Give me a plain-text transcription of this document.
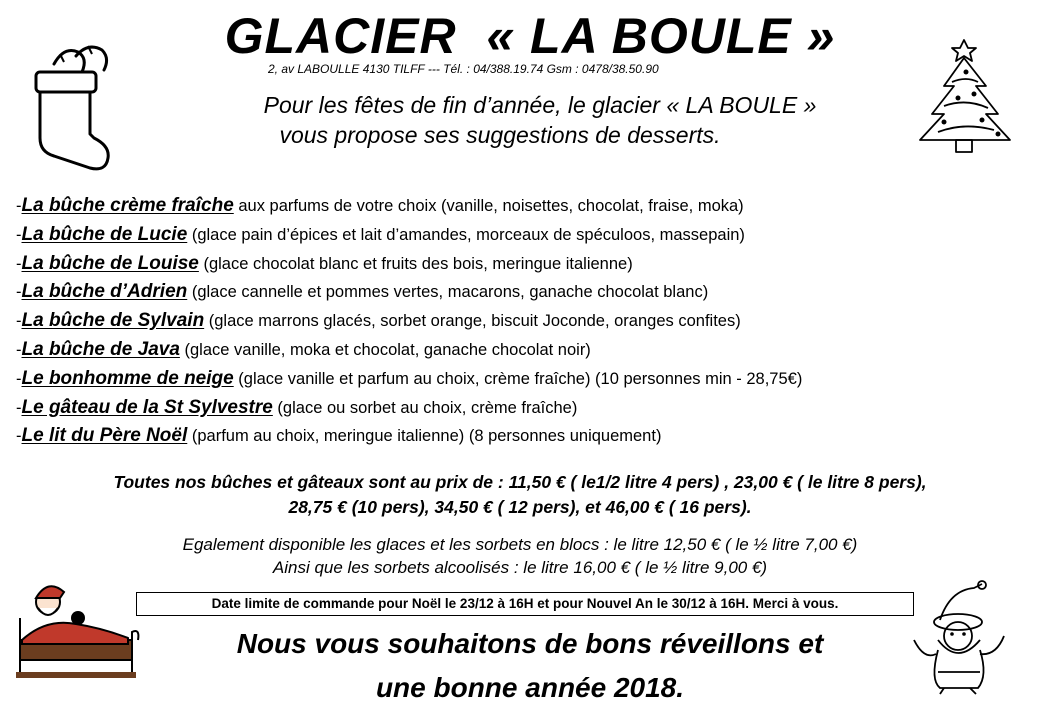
GLACIER  « LA BOULE »
2, av LABOULLE 4130 TILFF --- Tél. : 04/388.19.74 Gsm : 0478/38.50.90
Pour les fêtes de fin d’année, le glacier « LA BOULE »
vous propose ses suggestions de desserts.
-La bûche crème fraîche aux parfums de votre choix (vanille, noisettes, chocolat, fraise, moka)
-La bûche de Lucie (glace pain d’épices et lait d’amandes, morceaux de spéculoos, massepain)
-La bûche de Louise (glace chocolat blanc et fruits des bois, meringue italienne)
-La bûche d’Adrien (glace cannelle et pommes vertes, macarons, ganache chocolat blanc)
-La bûche de Sylvain (glace marrons glacés, sorbet orange, biscuit Joconde, oranges confites)
-La bûche de Java (glace vanille, moka et chocolat, ganache chocolat noir)
-Le bonhomme de neige (glace vanille et parfum au choix, crème fraîche) (10 personnes min - 28,75€)
-Le gâteau de la St Sylvestre (glace ou sorbet au choix, crème fraîche)
-Le lit du Père Noël (parfum au choix, meringue italienne) (8 personnes uniquement)
Toutes nos bûches et gâteaux sont au prix de : 11,50 € ( le1/2 litre 4 pers) , 23,00 € ( le litre 8 pers),
28,75 € (10 pers), 34,50 € ( 12 pers), et 46,00 € ( 16 pers).
Egalement disponible les glaces et les sorbets en blocs : le litre 12,50 € ( le ½ litre 7,00 €)
Ainsi que les sorbets alcoolisés : le litre 16,00 € ( le ½ litre 9,00 €)
Date limite de commande pour Noël le 23/12 à 16H et pour Nouvel An le 30/12 à 16H. Merci à vous.
Nous vous souhaitons de bons réveillons et
une bonne année 2018.
